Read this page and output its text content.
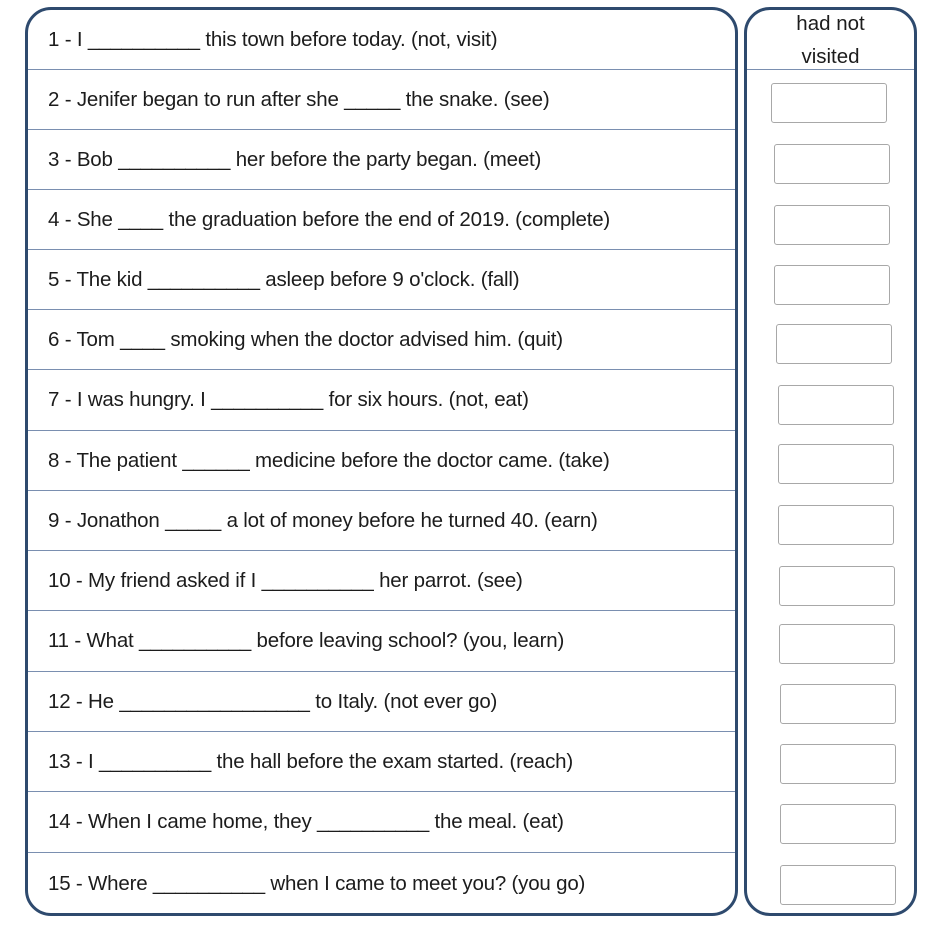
1 - I __________ this town before today. (not, visit)
2 - Jenifer began to run after she _____ the snake. (see)
3 - Bob __________ her before the party began. (meet)
4 - She ____ the graduation before the end of 2019. (complete)
5 - The kid __________ asleep before 9 o'clock. (fall)
6 - Tom ____ smoking when the doctor advised him. (quit)
7 - I was hungry. I __________ for six hours. (not, eat)
8 - The patient ______ medicine before the doctor came. (take)
9 - Jonathon _____ a lot of money before he turned 40. (earn)
10 - My friend asked if I __________ her parrot. (see)
11 - What __________ before leaving school? (you, learn)
12 - He _________________ to Italy. (not ever go)
13 - I __________ the hall before the exam started. (reach)
14 - When I came home, they __________ the meal. (eat)
15 - Where __________ when I came to meet you? (you go)
had not
visited
